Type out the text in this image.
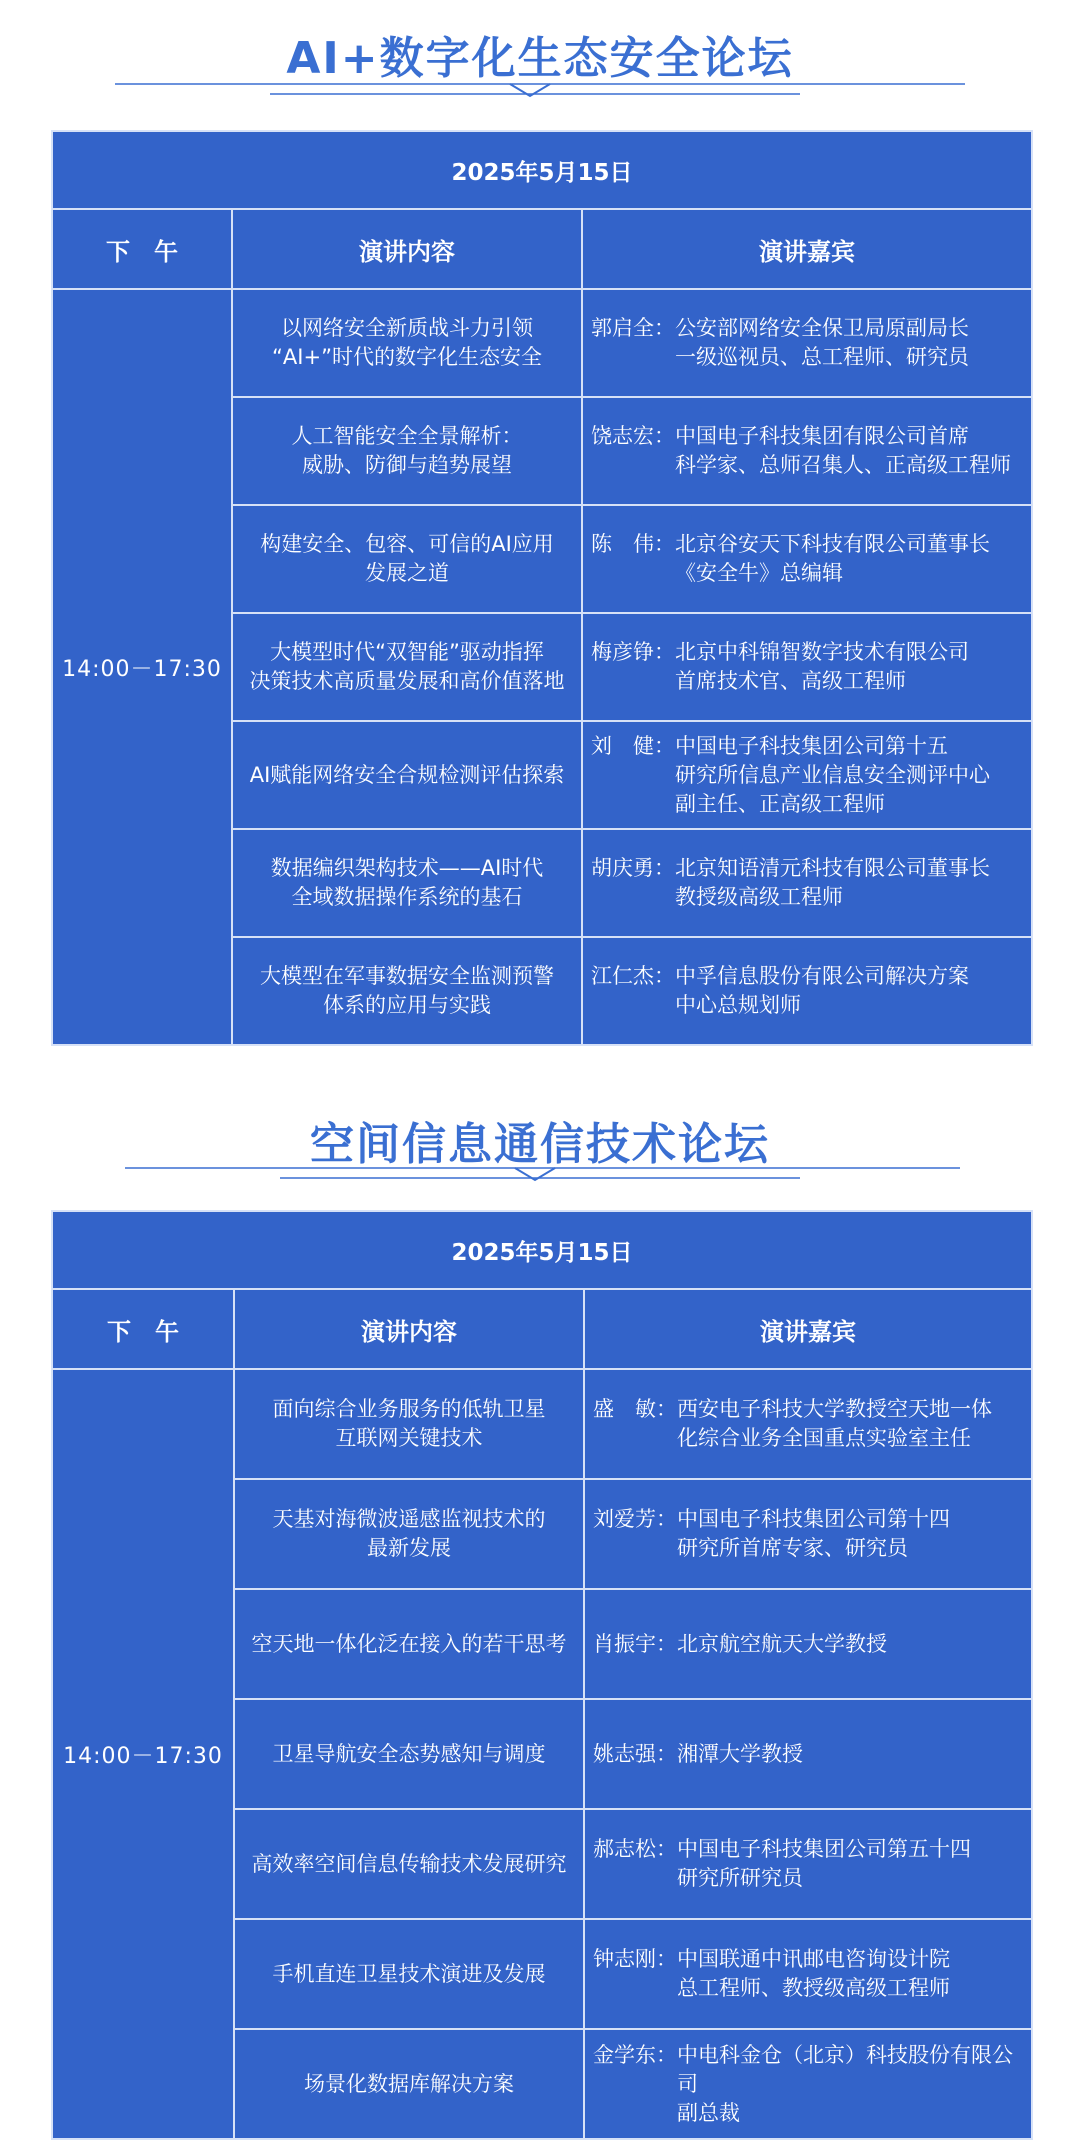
AI+数字化生态安全论坛
2025年5月15日		
下　午	演讲内容	演讲嘉宾
14:00－17:30	以网络安全新质战斗力引领
“AI+”时代的数字化生态安全	郭启全 ： 公安部网络安全保卫局原副局长
一级巡视员、总工程师、研究员

	人工智能安全全景解析：
威胁、防御与趋势展望	饶志宏 ： 中国电子科技集团有限公司首席
科学家、总师召集人、正高级工程师

	构建安全、包容、可信的AI应用
发展之道	陈　伟 ： 北京谷安天下科技有限公司董事长
《安全牛》总编辑

	大模型时代“双智能”驱动指挥
决策技术高质量发展和高价值落地	梅彦铮 ： 北京中科锦智数字技术有限公司
首席技术官、高级工程师

	AI赋能网络安全合规检测评估探索	刘　健 ： 中国电子科技集团公司第十五
研究所信息产业信息安全测评中心
副主任、正高级工程师

	数据编织架构技术——AI时代
全域数据操作系统的基石	胡庆勇 ： 北京知语清元科技有限公司董事长
教授级高级工程师

	大模型在军事数据安全监测预警
体系的应用与实践	江仁杰 ： 中孚信息股份有限公司解决方案
中心总规划师
空间信息通信技术论坛
2025年5月15日		
下　午	演讲内容	演讲嘉宾
14:00－17:30	面向综合业务服务的低轨卫星
互联网关键技术	盛　敏 ： 西安电子科技大学教授空天地一体
化综合业务全国重点实验室主任

	天基对海微波遥感监视技术的
最新发展	刘爱芳 ： 中国电子科技集团公司第十四
研究所首席专家、研究员

	空天地一体化泛在接入的若干思考	肖振宇 ： 北京航空航天大学教授

	卫星导航安全态势感知与调度	姚志强 ： 湘潭大学教授

	高效率空间信息传输技术发展研究	郝志松 ： 中国电子科技集团公司第五十四
研究所研究员

	手机直连卫星技术演进及发展	钟志刚 ： 中国联通中讯邮电咨询设计院
总工程师、教授级高级工程师

	场景化数据库解决方案	金学东 ： 中电科金仓（北京）科技股份有限公司
副总裁
